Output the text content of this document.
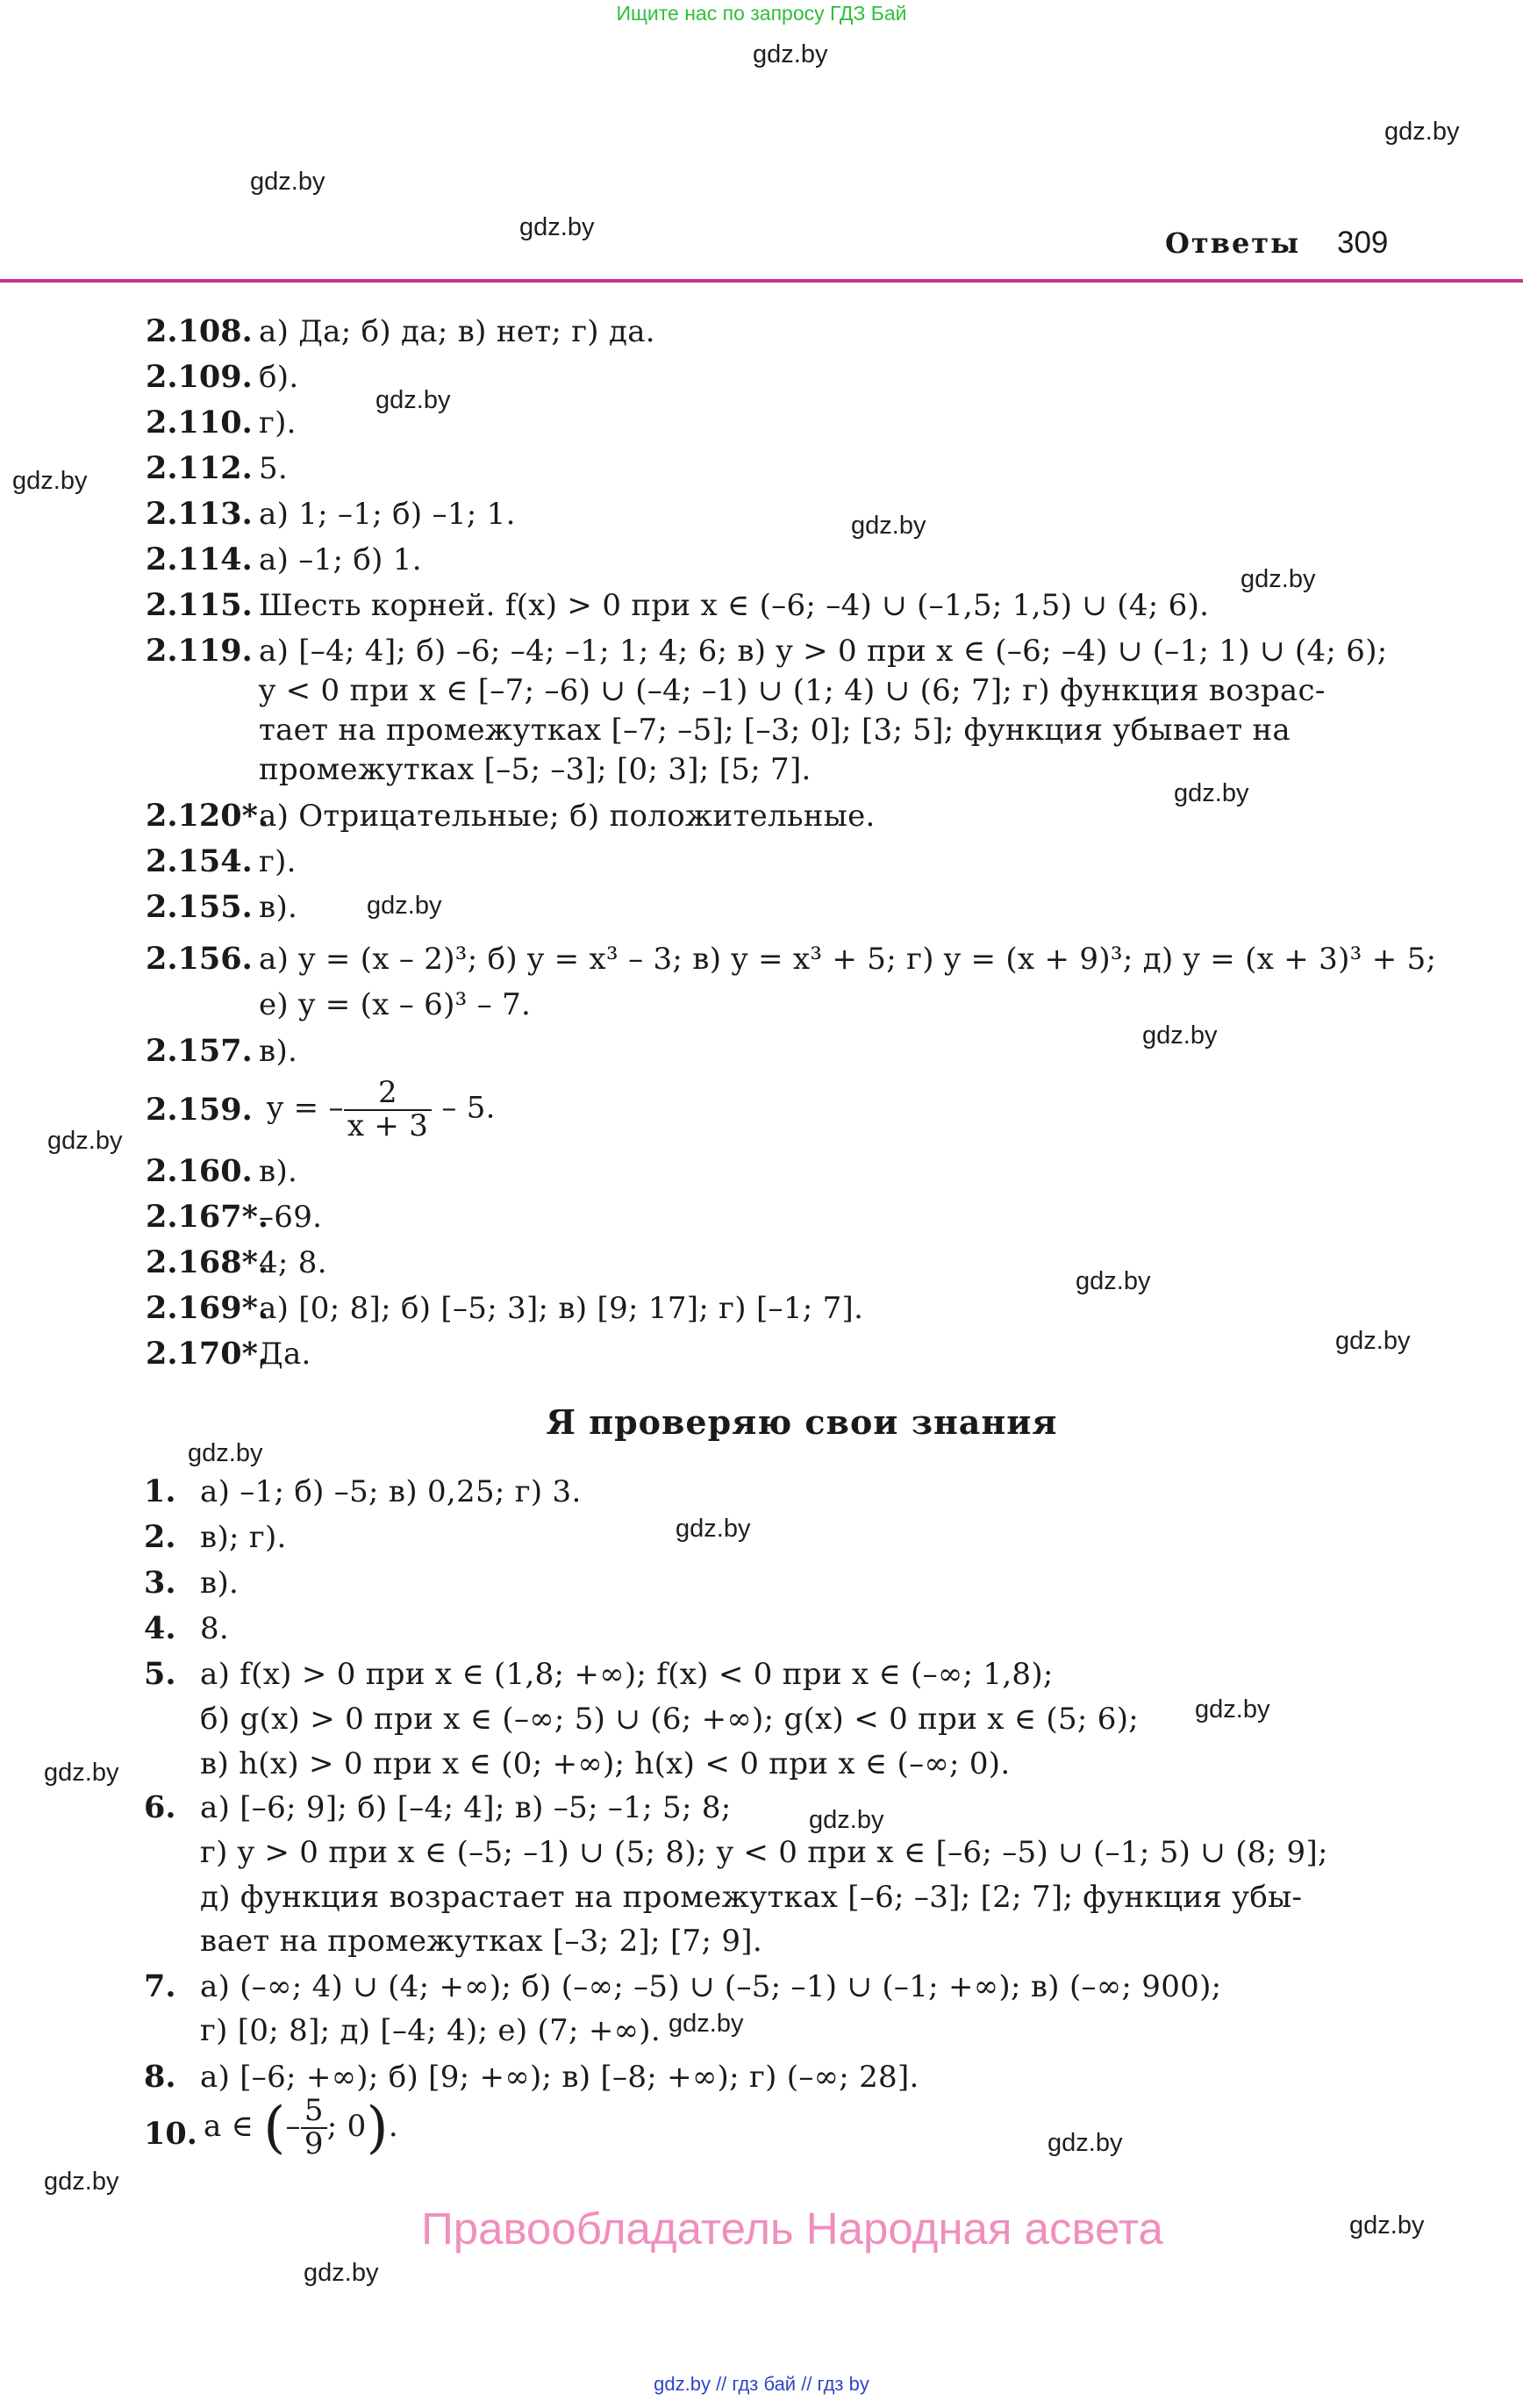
Ищите нас по запросу ГДЗ Бай
gdz.by
gdz.by
gdz.by
gdz.by
gdz.by
gdz.by
gdz.by
gdz.by
gdz.by
gdz.by
gdz.by
gdz.by
gdz.by
gdz.by
gdz.by
gdz.by
gdz.by
gdz.by
gdz.by
gdz.by
gdz.by
gdz.by
gdz.by
gdz.by
Ответы 309
2.108. а) Да; б) да; в) нет; г) да.
2.109. б).
2.110. г).
2.112. 5.
2.113. а) 1; –1; б) –1; 1.
2.114. а) –1; б) 1.
2.115. Шесть корней. f(x) > 0 при x ∈ (–6; –4) ∪ (–1,5; 1,5) ∪ (4; 6).
2.119. а) [–4; 4]; б) –6; –4; –1; 1; 4; 6; в) y > 0 при x ∈ (–6; –4) ∪ (–1; 1) ∪ (4; 6);
y < 0 при x ∈ [–7; –6) ∪ (–4; –1) ∪ (1; 4) ∪ (6; 7]; г) функция возрас-
тает на промежутках [–7; –5]; [–3; 0]; [3; 5]; функция убывает на
промежутках [–5; –3]; [0; 3]; [5; 7].
2.120*.
а) Отрицательные; б) положительные.
2.154. г).
2.155. в).
2.156. а) y = (x – 2)³; б) y = x³ – 3; в) y = x³ + 5; г) y = (x + 9)³; д) y = (x + 3)³ + 5;
е) y = (x – 6)³ – 7.
2.157. в).
2.159. y = – $\frac{2}{x + 3} - 5$.
2.160. в).
2.167*.
–69.
2.168*.
4; 8.
2.169*.
а) [0; 8]; б) [–5; 3]; в) [9; 17]; г) [–1; 7].
2.170*.
Да.
Я проверяю свои знания
1. а) –1; б) –5; в) 0,25; г) 3.
2. в); г).
3. в).
4. 8.
5. а) f(x) > 0 при x ∈ (1,8; +∞); f(x) < 0 при x ∈ (–∞; 1,8);
б) g(x) > 0 при x ∈ (–∞; 5) ∪ (6; +∞); g(x) < 0 при x ∈ (5; 6);
в) h(x) > 0 при x ∈ (0; +∞); h(x) < 0 при x ∈ (–∞; 0).
6. а) [–6; 9]; б) [–4; 4]; в) –5; –1; 5; 8;
г) y > 0 при x ∈ (–5; –1) ∪ (5; 8); y < 0 при x ∈ [–6; –5) ∪ (–1; 5) ∪ (8; 9];
д) функция возрастает на промежутках [–6; –3]; [2; 7]; функция убы-
вает на промежутках [–3; 2]; [7; 9].
7. а) (–∞; 4) ∪ (4; +∞); б) (–∞; –5) ∪ (–5; –1) ∪ (–1; +∞); в) (–∞; 900);
г) [0; 8]; д) [–4; 4); е) (7; +∞).
8. а) [–6; +∞); б) [9; +∞); в) [–8; +∞); г) (–∞; 28].
10. a ∈ (– $\frac{5}{9}$ ; 0).
Правообладатель Народная асвета
gdz.by // гдз бай // гдз by
